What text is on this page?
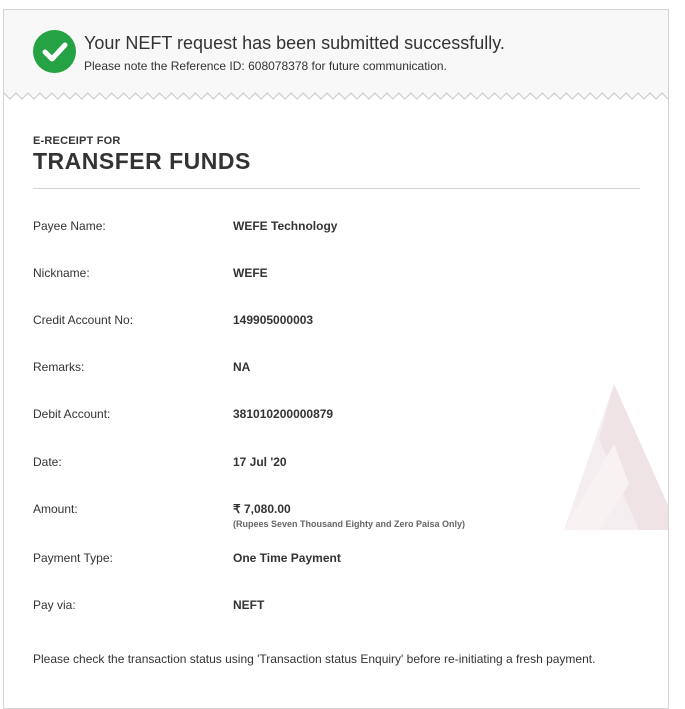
Your NEFT request has been submitted successfully.
Please note the Reference ID: 608078378 for future communication.
E-RECEIPT FOR
TRANSFER FUNDS
Payee Name:	WEFE Technology
Nickname:	WEFE
Credit Account No:	149905000003
Remarks:	NA
Debit Account:	381010200000879
Date:	17 Jul '20
Amount:	₹ 7,080.00
(Rupees Seven Thousand Eighty and Zero Paisa Only)
Payment Type:	One Time Payment
Pay via:	NEFT
Please check the transaction status using 'Transaction status Enquiry' before re-initiating a fresh payment.
